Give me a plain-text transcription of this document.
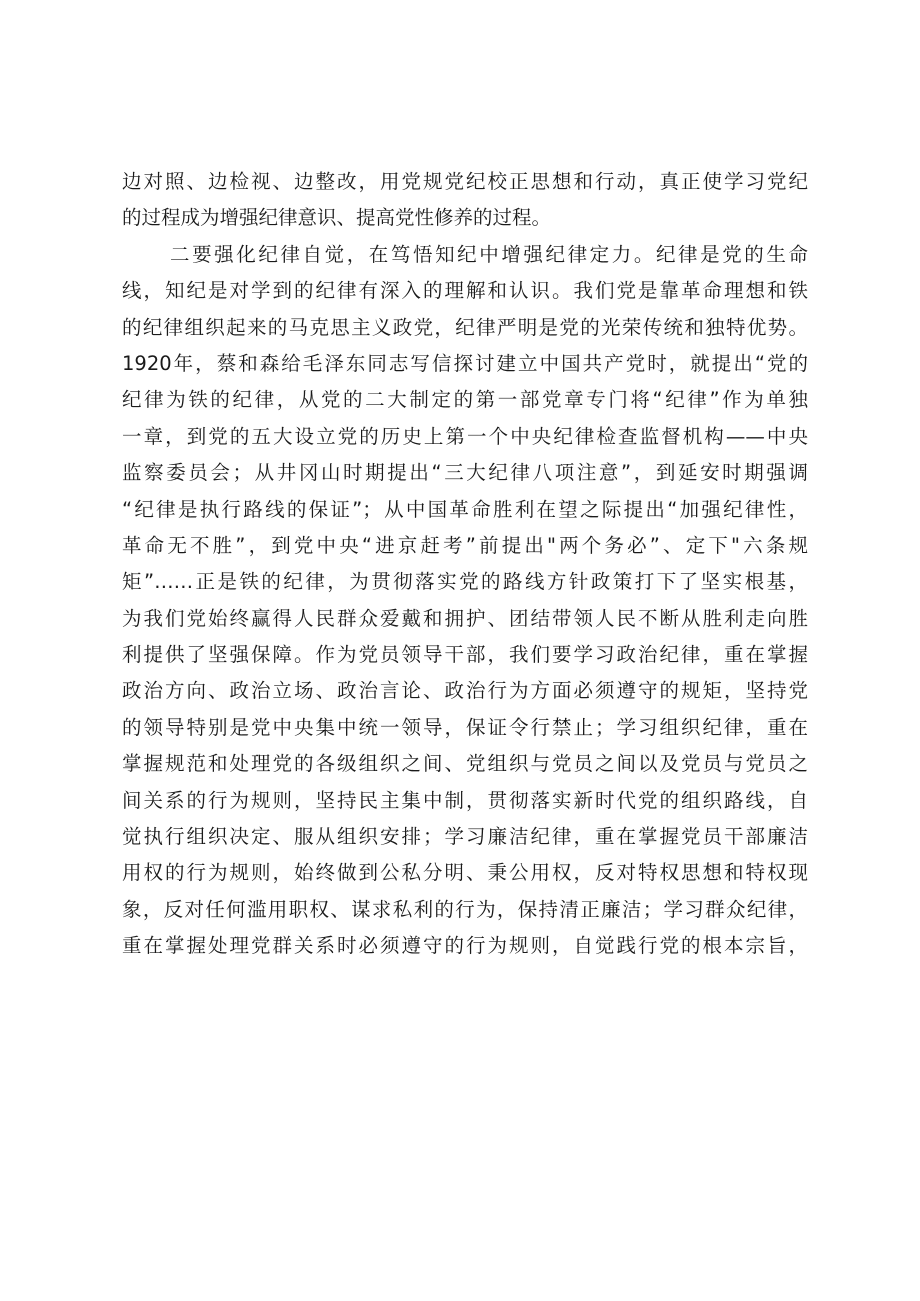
边对照、边检视、边整改，用党规党纪校正思想和行动，真正使学习党纪
的过程成为增强纪律意识、提高党性修养的过程。
二要强化纪律自觉，在笃悟知纪中增强纪律定力。纪律是党的生命
线，知纪是对学到的纪律有深入的理解和认识。我们党是靠革命理想和铁
的纪律组织起来的马克思主义政党，纪律严明是党的光荣传统和独特优势。
1920年，蔡和森给毛泽东同志写信探讨建立中国共产党时，就提出“党的
纪律为铁的纪律，从党的二大制定的第一部党章专门将“纪律”作为单独
一章，到党的五大设立党的历史上第一个中央纪律检查监督机构——中央
监察委员会；从井冈山时期提出“三大纪律八项注意”，到延安时期强调
“纪律是执行路线的保证”；从中国革命胜利在望之际提出“加强纪律性，
革命无不胜”，到党中央“进京赶考”前提出"两个务必”、定下"六条规
矩”……正是铁的纪律，为贯彻落实党的路线方针政策打下了坚实根基，
为我们党始终赢得人民群众爱戴和拥护、团结带领人民不断从胜利走向胜
利提供了坚强保障。作为党员领导干部，我们要学习政治纪律，重在掌握
政治方向、政治立场、政治言论、政治行为方面必须遵守的规矩，坚持党
的领导特别是党中央集中统一领导，保证令行禁止；学习组织纪律，重在
掌握规范和处理党的各级组织之间、党组织与党员之间以及党员与党员之
间关系的行为规则，坚持民主集中制，贯彻落实新时代党的组织路线，自
觉执行组织决定、服从组织安排；学习廉洁纪律，重在掌握党员干部廉洁
用权的行为规则，始终做到公私分明、秉公用权，反对特权思想和特权现
象，反对任何滥用职权、谋求私利的行为，保持清正廉洁；学习群众纪律，
重在掌握处理党群关系时必须遵守的行为规则，自觉践行党的根本宗旨，
